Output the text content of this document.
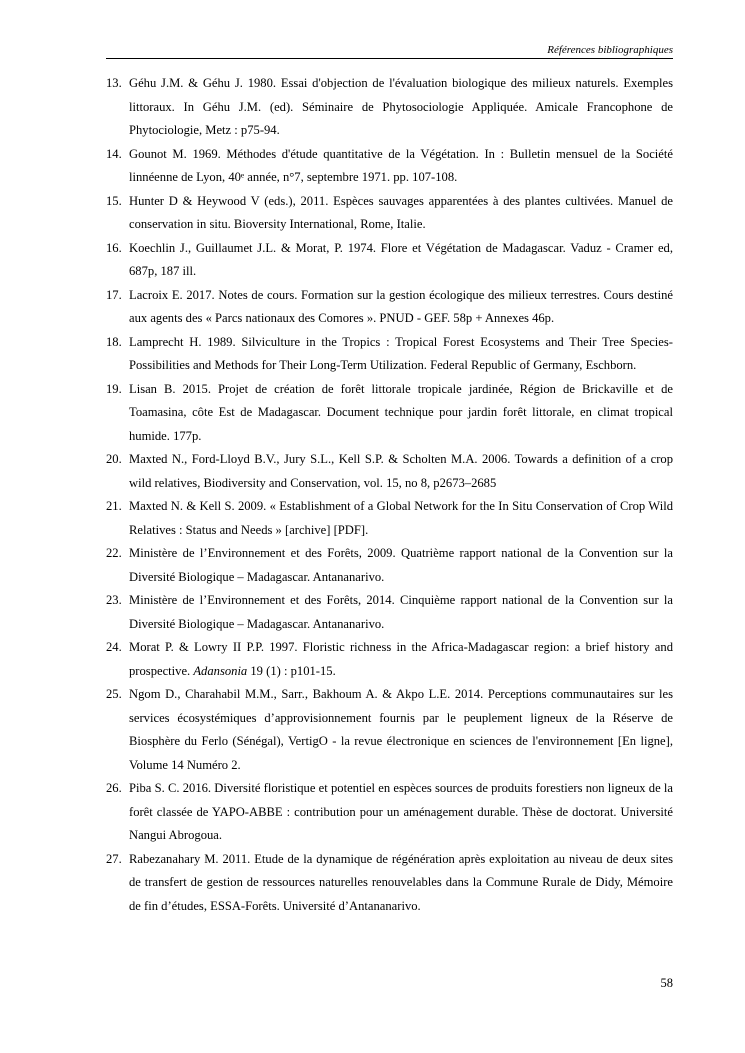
Références bibliographiques
13. Géhu J.M. & Géhu J. 1980. Essai d'objection de l'évaluation biologique des milieux naturels. Exemples littoraux. In Géhu J.M. (ed). Séminaire de Phytosociologie Appliquée. Amicale Francophone de Phytociologie, Metz : p75-94.
14. Gounot M. 1969. Méthodes d'étude quantitative de la Végétation. In : Bulletin mensuel de la Société linnéenne de Lyon, 40ᵉ année, n°7, septembre 1971. pp. 107-108.
15. Hunter D & Heywood V (eds.), 2011. Espèces sauvages apparentées à des plantes cultivées. Manuel de conservation in situ. Bioversity International, Rome, Italie.
16. Koechlin J., Guillaumet J.L. & Morat, P. 1974. Flore et Végétation de Madagascar. Vaduz - Cramer ed, 687p, 187 ill.
17. Lacroix E. 2017. Notes de cours. Formation sur la gestion écologique des milieux terrestres. Cours destiné aux agents des « Parcs nationaux des Comores ». PNUD - GEF. 58p + Annexes 46p.
18. Lamprecht H. 1989. Silviculture in the Tropics : Tropical Forest Ecosystems and Their Tree Species-Possibilities and Methods for Their Long-Term Utilization. Federal Republic of Germany, Eschborn.
19. Lisan B. 2015. Projet de création de forêt littorale tropicale jardinée, Région de Brickaville et de Toamasina, côte Est de Madagascar. Document technique pour jardin forêt littorale, en climat tropical humide. 177p.
20. Maxted N., Ford-Lloyd B.V., Jury S.L., Kell S.P. & Scholten M.A. 2006. Towards a definition of a crop wild relatives, Biodiversity and Conservation, vol. 15, no 8, p2673–2685
21. Maxted N. & Kell S. 2009. « Establishment of a Global Network for the In Situ Conservation of Crop Wild Relatives : Status and Needs » [archive] [PDF].
22. Ministère de l’Environnement et des Forêts, 2009. Quatrième rapport national de la Convention sur la Diversité Biologique – Madagascar. Antananarivo.
23. Ministère de l’Environnement et des Forêts, 2014. Cinquième rapport national de la Convention sur la Diversité Biologique – Madagascar. Antananarivo.
24. Morat P. & Lowry II P.P. 1997. Floristic richness in the Africa-Madagascar region: a brief history and prospective. Adansonia 19 (1) : p101-15.
25. Ngom D., Charahabil M.M., Sarr., Bakhoum A. & Akpo L.E. 2014. Perceptions communautaires sur les services écosystémiques d’approvisionnement fournis par le peuplement ligneux de la Réserve de Biosphère du Ferlo (Sénégal), VertigO - la revue électronique en sciences de l'environnement [En ligne], Volume 14 Numéro 2.
26. Piba S. C. 2016. Diversité floristique et potentiel en espèces sources de produits forestiers non ligneux de la forêt classée de YAPO-ABBE : contribution pour un aménagement durable. Thèse de doctorat. Université Nangui Abrogoua.
27. Rabezanahary M. 2011. Etude de la dynamique de régénération après exploitation au niveau de deux sites de transfert de gestion de ressources naturelles renouvelables dans la Commune Rurale de Didy, Mémoire de fin d’études, ESSA-Forêts. Université d’Antananarivo.
58
